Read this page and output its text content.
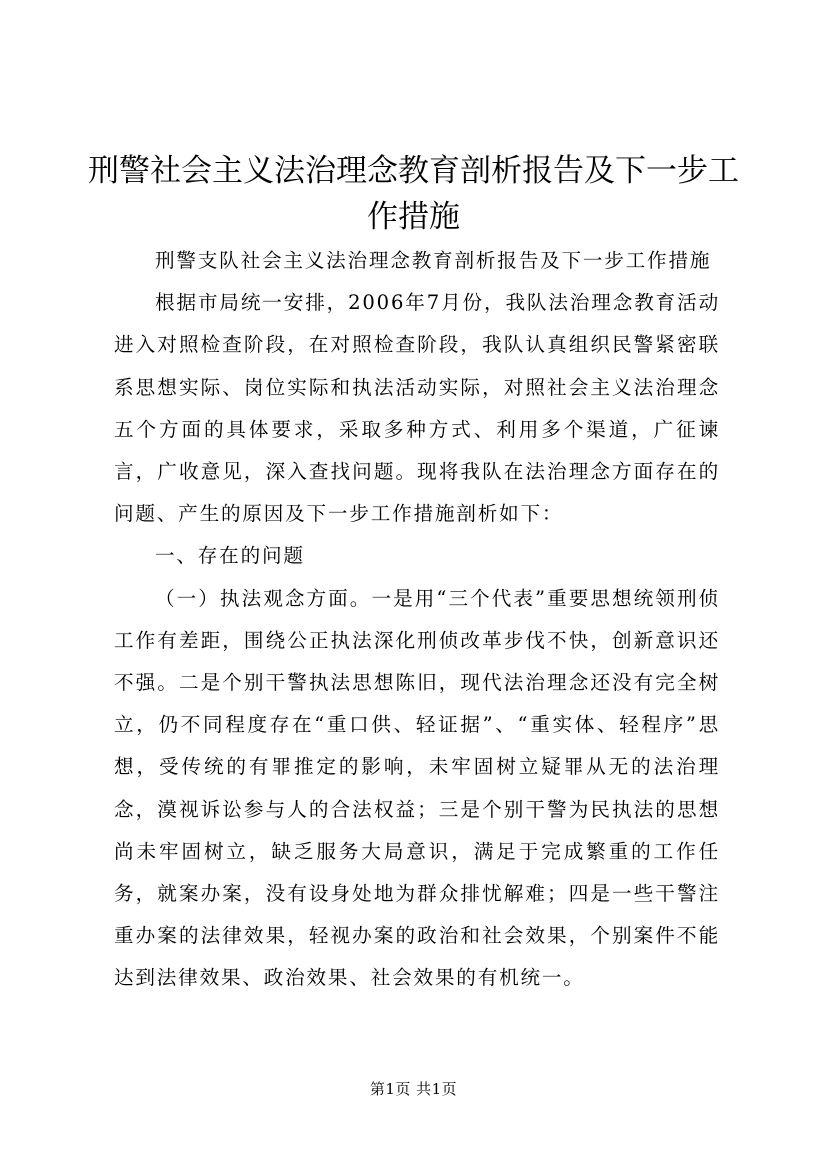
刑警社会主义法治理念教育剖析报告及下一步工作措施

刑警支队社会主义法治理念教育剖析报告及下一步工作措施

根据市局统一安排，2006年7月份，我队法治理念教育活动进入对照检查阶段，在对照检查阶段，我队认真组织民警紧密联系思想实际、岗位实际和执法活动实际，对照社会主义法治理念五个方面的具体要求，采取多种方式、利用多个渠道，广征谏言，广收意见，深入查找问题。现将我队在法治理念方面存在的问题、产生的原因及下一步工作措施剖析如下：

一、存在的问题

（一）执法观念方面。一是用“三个代表”重要思想统领刑侦工作有差距，围绕公正执法深化刑侦改革步伐不快，创新意识还不强。二是个别干警执法思想陈旧，现代法治理念还没有完全树立，仍不同程度存在“重口供、轻证据”、“重实体、轻程序”思想，受传统的有罪推定的影响，未牢固树立疑罪从无的法治理念，漠视诉讼参与人的合法权益；三是个别干警为民执法的思想尚未牢固树立，缺乏服务大局意识，满足于完成繁重的工作任务，就案办案，没有设身处地为群众排忧解难；四是一些干警注重办案的法律效果，轻视办案的政治和社会效果，个别案件不能达到法律效果、政治效果、社会效果的有机统一。

第1页 共1页
